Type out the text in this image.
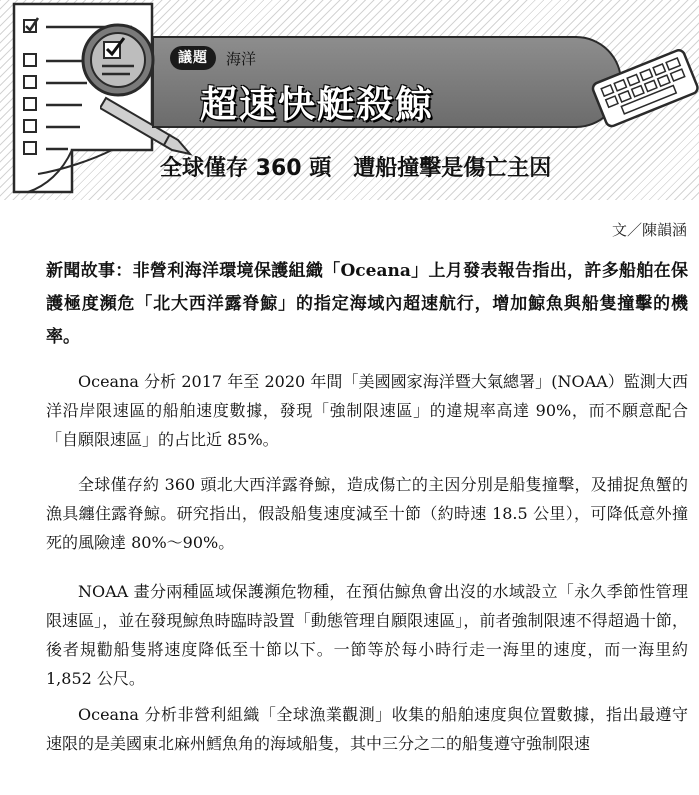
議題	海洋
超速快艇殺鯨
全球僅存 360 頭　遭船撞擊是傷亡主因
文／陳韻涵
新聞故事：非營利海洋環境保護組織「Oceana」上月發表報告指出，許多船舶在保護極度瀕危「北大西洋露脊鯨」的指定海域內超速航行，增加鯨魚與船隻撞擊的機率。
Oceana 分析 2017 年至 2020 年間「美國國家海洋暨大氣總署」(NOAA）監測大西洋沿岸限速區的船舶速度數據，發現「強制限速區」的違規率高達 90%，而不願意配合「自願限速區」的占比近 85%。
全球僅存約 360 頭北大西洋露脊鯨，造成傷亡的主因分別是船隻撞擊，及捕捉魚蟹的漁具纏住露脊鯨。研究指出，假設船隻速度減至十節（約時速 18.5 公里），可降低意外撞死的風險達 80%～90%。
NOAA 畫分兩種區域保護瀕危物種，在預估鯨魚會出沒的水域設立「永久季節性管理限速區」，並在發現鯨魚時臨時設置「動態管理自願限速區」，前者強制限速不得超過十節，後者規勸船隻將速度降低至十節以下。一節等於每小時行走一海里的速度，而一海里約 1,852 公尺。
Oceana 分析非營利組織「全球漁業觀測」收集的船舶速度與位置數據，指出最遵守速限的是美國東北麻州鱈魚角的海域船隻，其中三分之二的船隻遵守強制限速
